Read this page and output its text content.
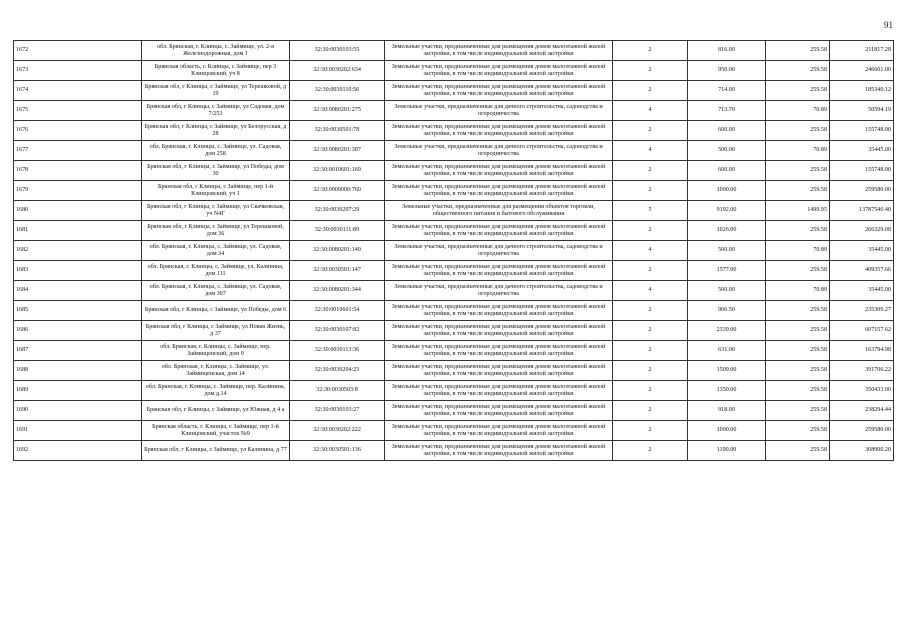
91
1672	обл. Брянская, г. Клинцы, с. Займище, ул. 2-я Железнодорожная, дом 1	32:30:0030103:55	Земельные участки, предназначенные для размещения домов малоэтажной жилой застройки, в том числе индивидуальной жилой застройки	2	816.00	259.58	211817.28
1673	Брянская область, г. Клинцы, с Займище, пер 3 Клинцовский, уч 8	32:30:0030202:634	Земельные участки, предназначенные для размещения домов малоэтажной жилой застройки, в том числе индивидуальной жилой застройки	2	950.00	259.58	246601.00
1674	Брянская обл, г Клинцы, с Займище, ул Терешковой, д 19	32:30:0030110:56	Земельные участки, предназначенные для размещения домов малоэтажной жилой застройки, в том числе индивидуальной жилой застройки	2	714.00	259.58	185340.12
1675	Брянская обл, г Клинцы, с Займище, ул Садовая, дом 7/253	32:30:0080201:275	Земельные участки, предназначенные для дачного строительства, садоводства и огородничества	4	713.70	70.89	50594.19
1676	Брянская обл, г Клинцы, с Займище, ул Белорусская, д 28	32:30:0030501:78	Земельные участки, предназначенные для размещения домов малоэтажной жилой застройки, в том числе индивидуальной жилой застройки	2	600.00	259.58	155748.00
1677	обл. Брянская, г. Клинцы, с. Займище, ул. Садовая, дом 258	32:30:0080201:307	Земельные участки, предназначенные для дачного строительства, садоводства и огородничества	4	500.00	70.89	35445.00
1678	Брянская обл, г Клинцы, с Займище, ул Победы, дом 30	32:30:0010601:169	Земельные участки, предназначенные для размещения домов малоэтажной жилой застройки, в том числе индивидуальной жилой застройки	2	600.00	259.58	155748.00
1679	Брянская обл, г Клинцы, с Займище, пер 1-й Клинцовский, уч 1	32:30:0000000:760	Земельные участки, предназначенные для размещения домов малоэтажной жилой застройки, в том числе индивидуальной жилой застройки	2	1000.00	259.58	259580.00
1680	Брянская обл, г Клинцы, с Займище, ул Скачковская, уч N4Г	32:30:0030207:29	Земельные участки, предназначенные для размещения объектов торговли, общественного питания и бытового обслуживания	5	9192.00	1499.95	13787540.40
1681	Брянская обл, г Клинцы, с Займище, ул Терешковой, дом 36	32:30:0030111:89	Земельные участки, предназначенные для размещения домов малоэтажной жилой застройки, в том числе индивидуальной жилой застройки	2	1026.00	259.58	266329.08
1682	обл. Брянская, г. Клинцы, с. Займище, ул. Садовая, дом 34	32:30:0080201:149	Земельные участки, предназначенные для дачного строительства, садоводства и огородничества	4	500.00	70.89	35445.00
1683	обл. Брянская, г. Клинцы, с. Займище, ул. Калинина, дом 111	32:30:0030501:147	Земельные участки, предназначенные для размещения домов малоэтажной жилой застройки, в том числе индивидуальной жилой застройки	2	1577.00	259.58	409357.66
1684	обл. Брянская, г. Клинцы, с. Займище, ул. Садовая, дом 307	32:30:0080201:344	Земельные участки, предназначенные для дачного строительства, садоводства и огородничества	4	500.00	70.89	35445.00
1685	Брянская обл, г Клинцы, с Займище, ул Победы, дом 6	32:30:0010601:54	Земельные участки, предназначенные для размещения домов малоэтажной жилой застройки, в том числе индивидуальной жилой застройки	2	906.50	259.58	235309.27
1686	Брянская обл, г Клинцы, с Займище, ул Новая Жизнь, д 37	32:30:0030107:82	Земельные участки, предназначенные для размещения домов малоэтажной жилой застройки, в том числе индивидуальной жилой застройки	2	2339.00	259.58	607157.62
1687	обл. Брянская, г. Клинцы, с. Займище, пер. Займищенский, дом 9	32:30:0030113:36	Земельные участки, предназначенные для размещения домов малоэтажной жилой застройки, в том числе индивидуальной жилой застройки	2	631.00	259.58	163794.98
1688	обл. Брянская, г. Клинцы, с. Займище, ул. Займищенская, дом 14	32:30:0030204:23	Земельные участки, предназначенные для размещения домов малоэтажной жилой застройки, в том числе индивидуальной жилой застройки	2	1509.00	259.58	391706.22
1689	обл. Брянская, г. Клинцы, с. Займище, пер. Калинина, дом д.14	32:30:0030503:8	Земельные участки, предназначенные для размещения домов малоэтажной жилой застройки, в том числе индивидуальной жилой застройки	2	1350.00	259.58	350433.00
1690	Брянская обл, г Клинцы, с Займище, ул Южная, д 4 а	32:30:0030103:27	Земельные участки, предназначенные для размещения домов малоэтажной жилой застройки, в том числе индивидуальной жилой застройки	2	918.00	259.58	238294.44
1691	Брянская область, г. Клинцы, с Займище, пер 1-й Клинцовский, участок №9	32:30:0030202:222	Земельные участки, предназначенные для размещения домов малоэтажной жилой застройки, в том числе индивидуальной жилой застройки	2	1000.00	259.58	259580.00
1692	Брянская обл, г Клинцы, с Займище, ул Калинина, д 77	32:30:0030501:136	Земельные участки, предназначенные для размещения домов малоэтажной жилой застройки, в том числе индивидуальной жилой застройки	2	1190.00	259.58	308900.20
